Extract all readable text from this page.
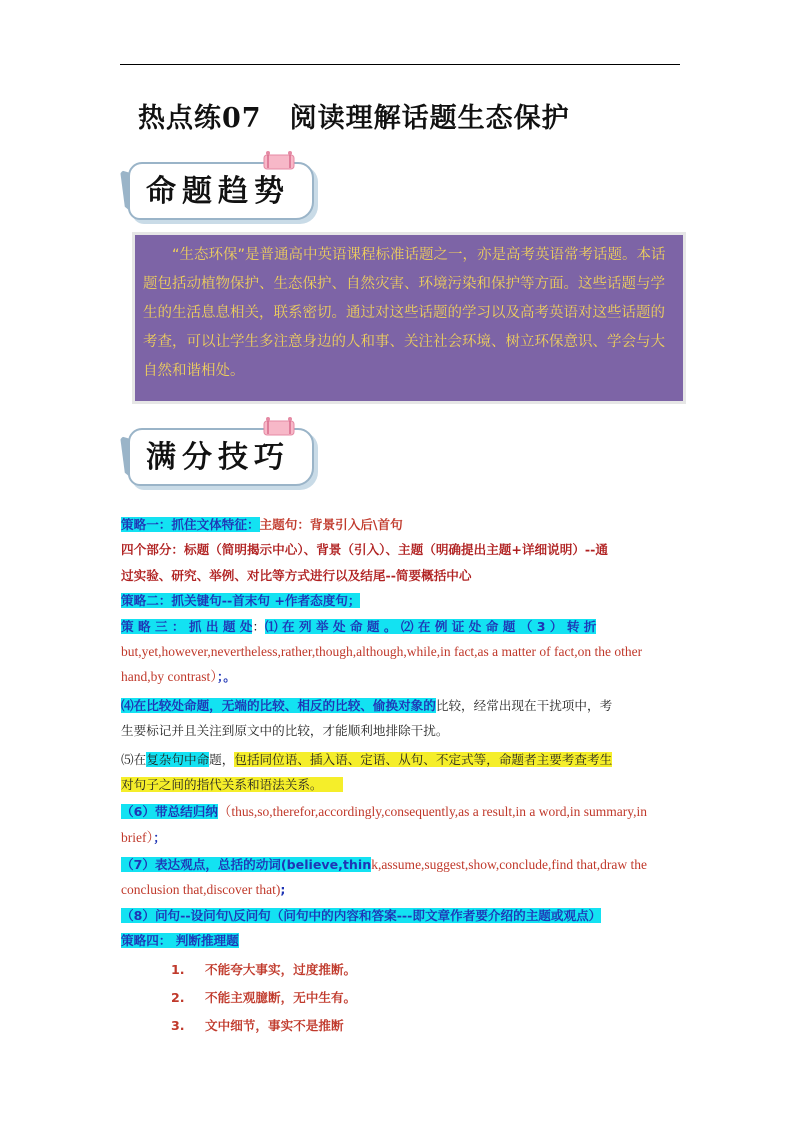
热点练07 阅读理解话题生态保护
命题趋势

“生态环保”是普通高中英语课程标准话题之一，亦是高考英语常考话题。本话题包括动植物保护、生态保护、自然灾害、环境污染和保护等方面。这些话题与学生的生活息息相关，联系密切。通过对这些话题的学习以及高考英语对这些话题的考查，可以让学生多注意身边的人和事、关注社会环境、树立环保意识、学会与大自然和谐相处。

满分技巧
策略一：抓住文体特征：主题句：背景引入后\首句
四个部分：标题（简明揭示中心）、背景（引入）、主题（明确提出主题+详细说明）--通
过实验、研究、举例、对比等方式进行以及结尾--简要概括中心
策略二：抓关键句--首末句 +作者态度句；
策 略 三 ： 抓 出 题 处：⑴ 在 列 举 处 命 题 。 ⑵ 在 例 证 处 命 题 （ 3 ） 转 折
but,yet,however,nevertheless,rather,though,although,while,in fact,as a matter of fact,on the other
hand,by contrast）；。
⑷在比较处命题，无端的比较、相反的比较、偷换对象的比较，经常出现在干扰项中，考
生要标记并且关注到原文中的比较，才能顺利地排除干扰。
⑸在复杂句中命题，包括同位语、插入语、定语、从句、不定式等，命题者主要考查考生
对句子之间的指代关系和语法关系。
（6）带总结归纳（thus,so,therefor,accordingly,consequently,as a result,in a word,in summary,in
brief）；
（7）表达观点，总括的动词(believe,think,assume,suggest,show,conclude,find that,draw the
conclusion that,discover that);
（8）问句--设问句\反问句（问句中的内容和答案---即文章作者要介绍的主题或观点）
策略四： 判断推理题
1. 不能夸大事实，过度推断。
2. 不能主观臆断，无中生有。
3. 文中细节，事实不是推断
